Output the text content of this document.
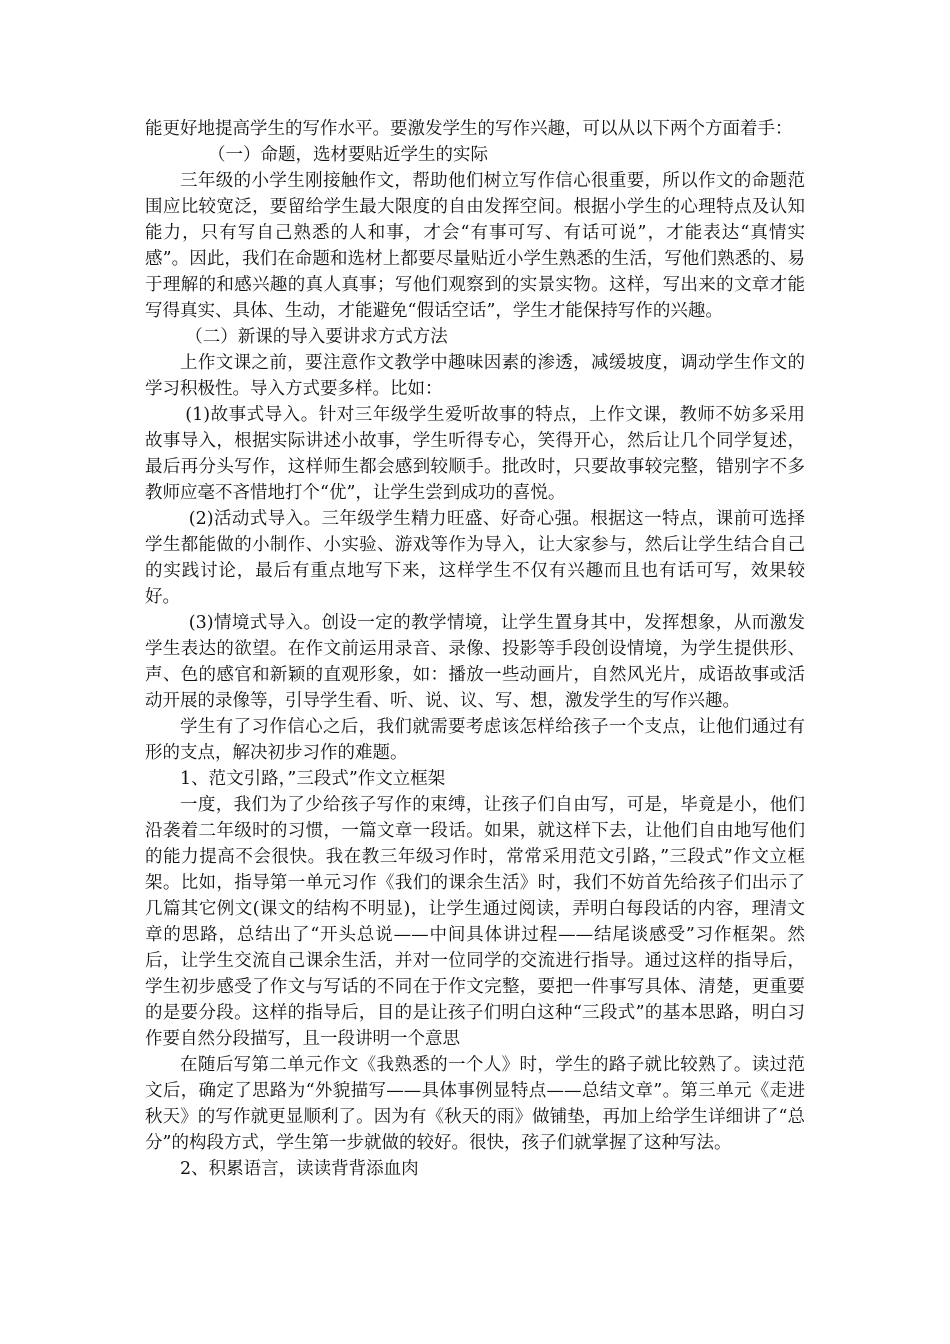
能更好地提高学生的写作水平。要激发学生的写作兴趣，可以从以下两个方面着手：

（一）命题，选材要贴近学生的实际

三年级的小学生刚接触作文，帮助他们树立写作信心很重要，所以作文的命题范围应比较宽泛，要留给学生最大限度的自由发挥空间。根据小学生的心理特点及认知能力，只有写自己熟悉的人和事，才会“有事可写、有话可说”，才能表达“真情实感”。因此，我们在命题和选材上都要尽量贴近小学生熟悉的生活，写他们熟悉的、易于理解的和感兴趣的真人真事；写他们观察到的实景实物。这样，写出来的文章才能写得真实、具体、生动，才能避免“假话空话”，学生才能保持写作的兴趣。

（二）新课的导入要讲求方式方法

上作文课之前，要注意作文教学中趣味因素的渗透，减缓坡度，调动学生作文的学习积极性。导入方式要多样。比如：

(1)故事式导入。针对三年级学生爱听故事的特点，上作文课，教师不妨多采用故事导入，根据实际讲述小故事，学生听得专心，笑得开心，然后让几个同学复述，最后再分头写作，这样师生都会感到较顺手。批改时，只要故事较完整，错别字不多教师应毫不吝惜地打个“优”，让学生尝到成功的喜悦。

(2)活动式导入。三年级学生精力旺盛、好奇心强。根据这一特点，课前可选择学生都能做的小制作、小实验、游戏等作为导入，让大家参与，然后让学生结合自己的实践讨论，最后有重点地写下来，这样学生不仅有兴趣而且也有话可写，效果较好。

(3)情境式导入。创设一定的教学情境，让学生置身其中，发挥想象，从而激发学生表达的欲望。在作文前运用录音、录像、投影等手段创设情境，为学生提供形、声、色的感官和新颖的直观形象，如：播放一些动画片，自然风光片，成语故事或活动开展的录像等，引导学生看、听、说、议、写、想，激发学生的写作兴趣。

学生有了习作信心之后，我们就需要考虑该怎样给孩子一个支点，让他们通过有形的支点，解决初步习作的难题。

1、范文引路，”三段式”作文立框架

一度，我们为了少给孩子写作的束缚，让孩子们自由写，可是，毕竟是小，他们沿袭着二年级时的习惯，一篇文章一段话。如果，就这样下去，让他们自由地写他们的能力提高不会很快。我在教三年级习作时，常常采用范文引路，”三段式”作文立框架。比如，指导第一单元习作《我们的课余生活》时，我们不妨首先给孩子们出示了几篇其它例文(课文的结构不明显)，让学生通过阅读，弄明白每段话的内容，理清文章的思路，总结出了“开头总说——中间具体讲过程——结尾谈感受”习作框架。然后，让学生交流自己课余生活，并对一位同学的交流进行指导。通过这样的指导后，学生初步感受了作文与写话的不同在于作文完整，要把一件事写具体、清楚，更重要的是要分段。这样的指导后，目的是让孩子们明白这种“三段式”的基本思路，明白习作要自然分段描写，且一段讲明一个意思

在随后写第二单元作文《我熟悉的一个人》时，学生的路子就比较熟了。读过范文后，确定了思路为“外貌描写——具体事例显特点——总结文章”。第三单元《走进秋天》的写作就更显顺利了。因为有《秋天的雨》做铺垫，再加上给学生详细讲了“总分”的构段方式，学生第一步就做的较好。很快，孩子们就掌握了这种写法。

2、积累语言，读读背背添血肉
